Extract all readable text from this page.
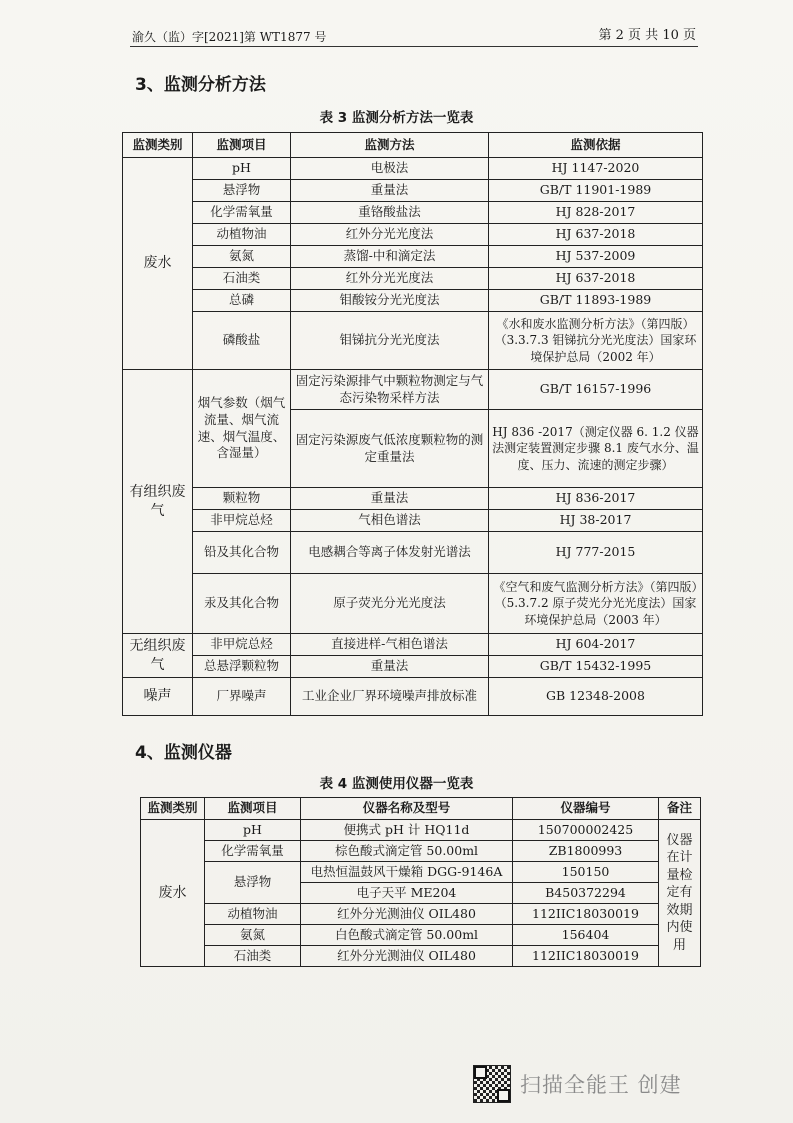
渝久（监）字[2021]第 WT1877 号	第 2 页 共 10 页
3、监测分析方法
表 3 监测分析方法一览表
监测类别	监测项目	监测方法	监测依据
废水	pH	电极法	HJ 1147-2020
	悬浮物	重量法	GB/T 11901-1989
	化学需氧量	重铬酸盐法	HJ 828-2017
	动植物油	红外分光光度法	HJ 637-2018
	氨氮	蒸馏-中和滴定法	HJ 537-2009
	石油类	红外分光光度法	HJ 637-2018
	总磷	钼酸铵分光光度法	GB/T 11893-1989
	磷酸盐	钼锑抗分光光度法	《水和废水监测分析方法》（第四版）（3.3.7.3 钼锑抗分光光度法）国家环境保护总局（2002 年）
有组织废气	烟气参数（烟气流量、烟气流速、烟气温度、含湿量）	固定污染源排气中颗粒物测定与气态污染物采样方法	GB/T 16157-1996
		固定污染源废气低浓度颗粒物的测定重量法	HJ 836 -2017（测定仪器 6. 1.2 仪器法测定装置测定步骤 8.1 废气水分、温度、压力、流速的测定步骤）
	颗粒物	重量法	HJ 836-2017
	非甲烷总烃	气相色谱法	HJ 38-2017
	铅及其化合物	电感耦合等离子体发射光谱法	HJ 777-2015
	汞及其化合物	原子荧光分光光度法	《空气和废气监测分析方法》（第四版）（5.3.7.2 原子荧光分光光度法）国家环境保护总局（2003 年）
无组织废气	非甲烷总烃	直接进样-气相色谱法	HJ 604-2017
	总悬浮颗粒物	重量法	GB/T 15432-1995
噪声	厂界噪声	工业企业厂界环境噪声排放标准	GB 12348-2008
4、监测仪器
表 4 监测使用仪器一览表
监测类别	监测项目	仪器名称及型号	仪器编号	备注
废水	pH	便携式 pH 计 HQ11d	150700002425	仪器在计量检定有效期内使用
	化学需氧量	棕色酸式滴定管 50.00ml	ZB1800993	
	悬浮物	电热恒温鼓风干燥箱 DGG-9146A	150150	
		电子天平 ME204	B450372294	
	动植物油	红外分光测油仪 OIL480	112IIC18030019	
	氨氮	白色酸式滴定管 50.00ml	156404	
	石油类	红外分光测油仪 OIL480	112IIC18030019	
扫描全能王 创建
